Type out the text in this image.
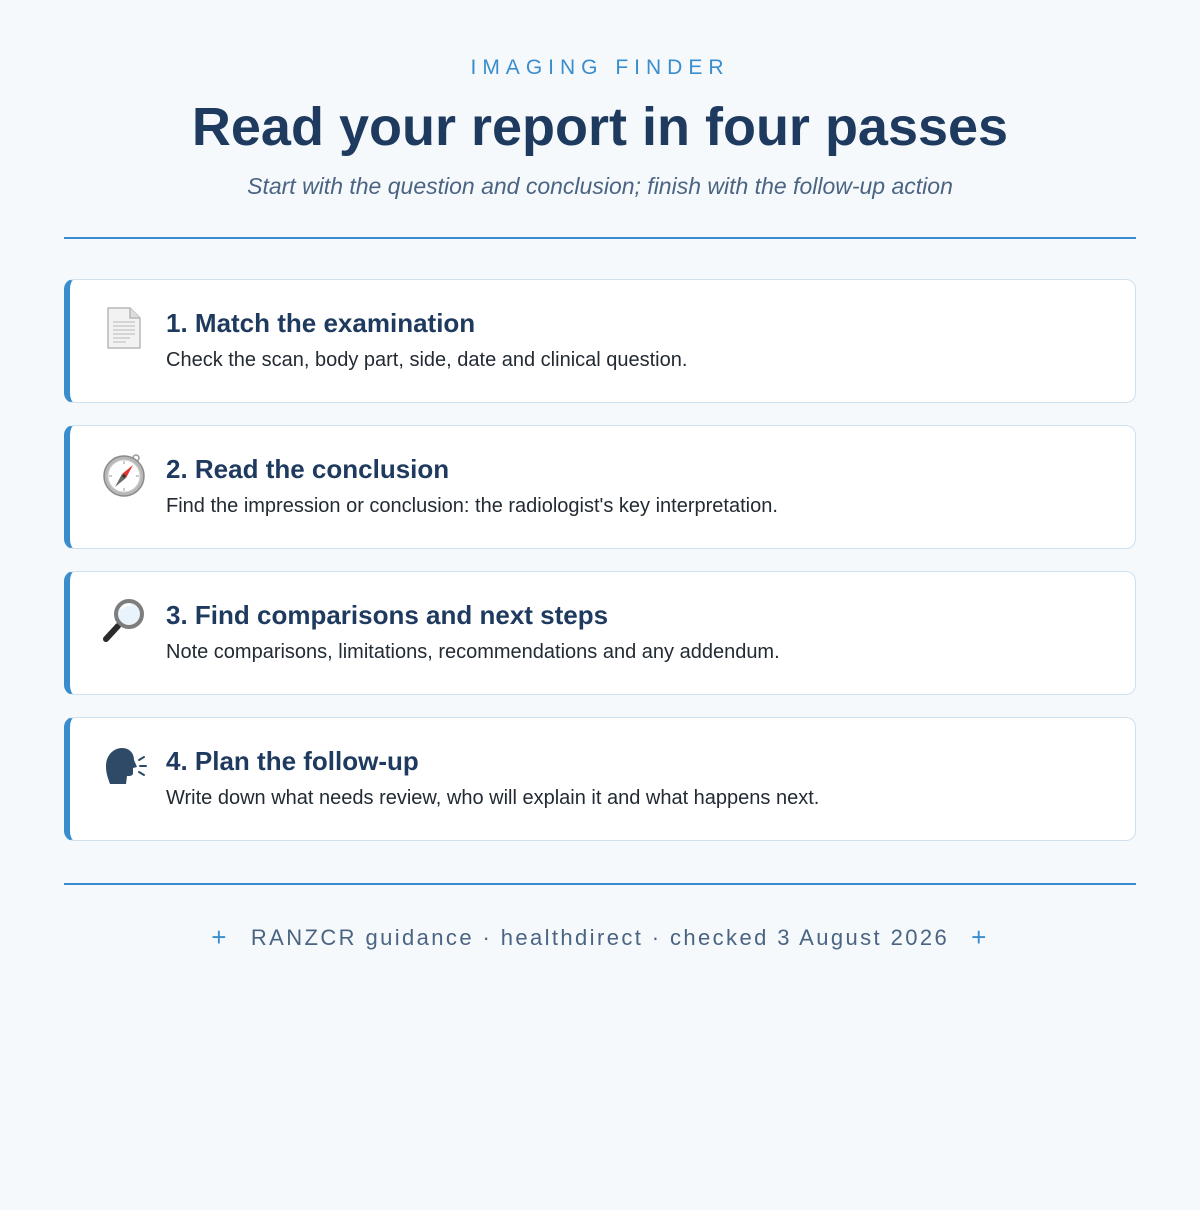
IMAGING FINDER
Read your report in four passes
Start with the question and conclusion; finish with the follow-up action
1. Match the examination
Check the scan, body part, side, date and clinical question.
2. Read the conclusion
Find the impression or conclusion: the radiologist's key interpretation.
3. Find comparisons and next steps
Note comparisons, limitations, recommendations and any addendum.
4. Plan the follow-up
Write down what needs review, who will explain it and what happens next.
+ RANZCR guidance · healthdirect · checked 3 August 2026 +
